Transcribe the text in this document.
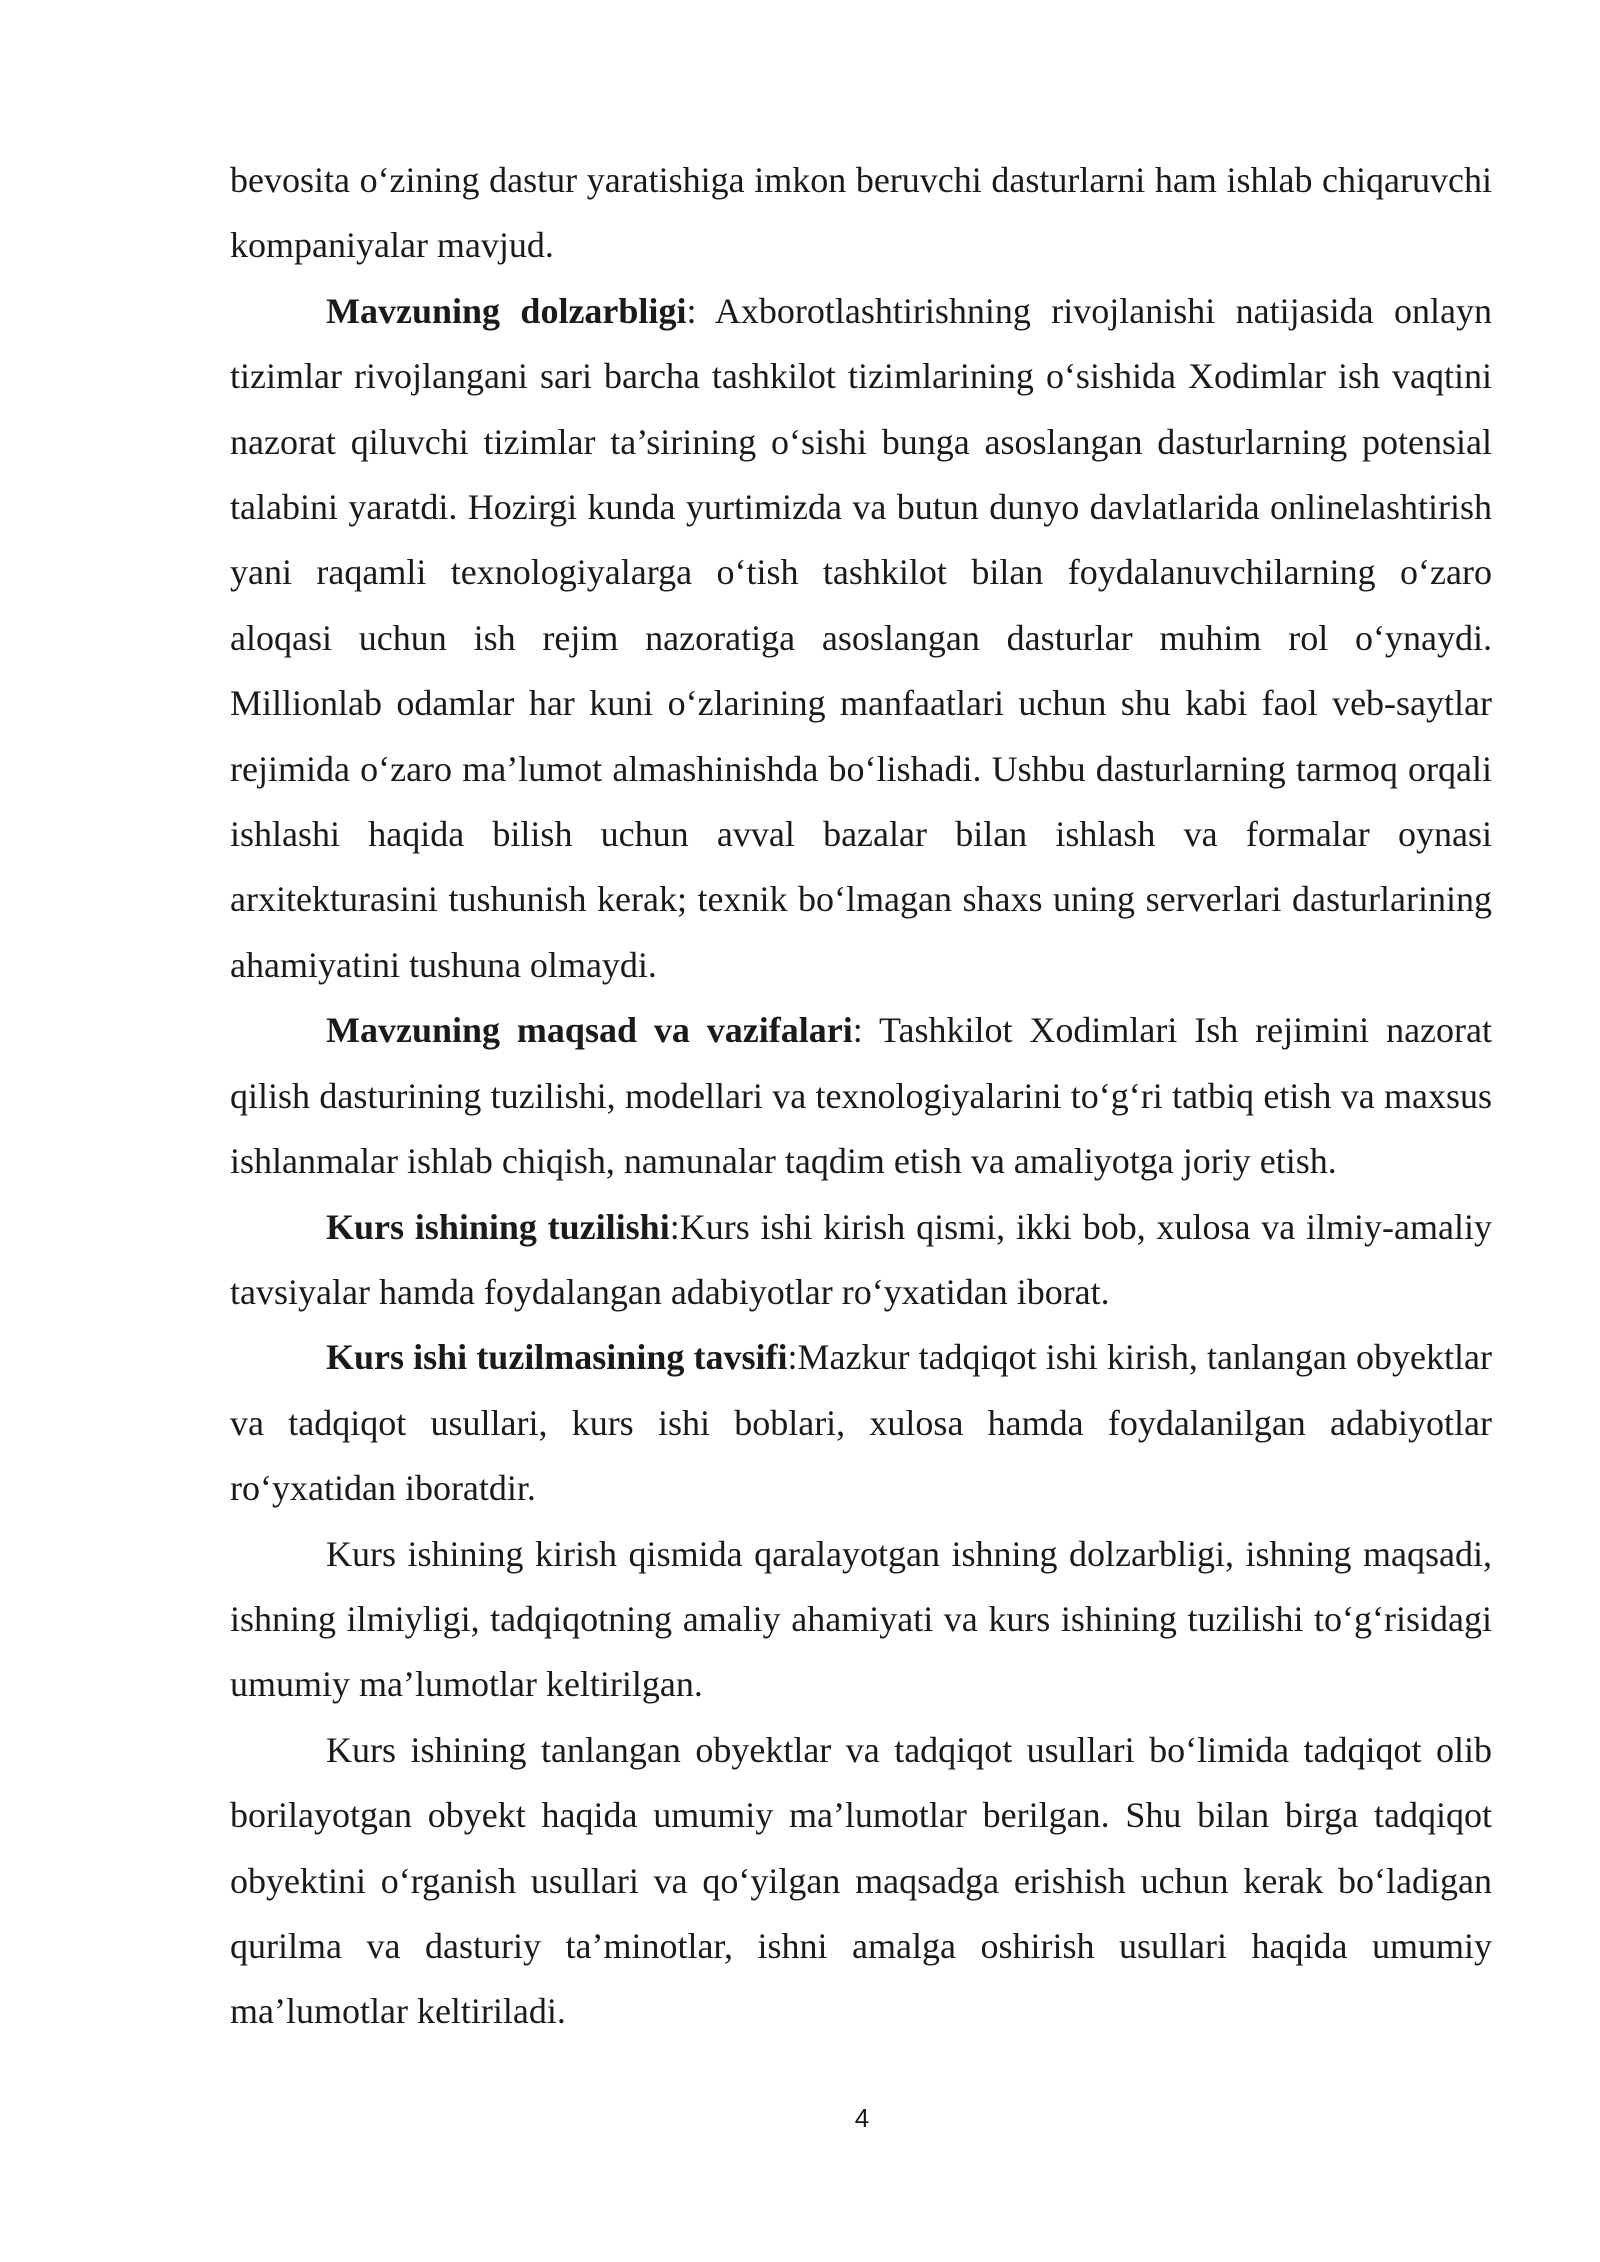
bevosita o‘zining dastur yaratishiga imkon beruvchi dasturlarni ham ishlab chiqaruvchi kompaniyalar mavjud.

Mavzuning dolzarbligi: Axborotlashtirishning rivojlanishi natijasida onlayn tizimlar rivojlangani sari barcha tashkilot tizimlarining o‘sishida Xodimlar ish vaqtini nazorat qiluvchi tizimlar ta’sirining o‘sishi bunga asoslangan dasturlarning potensial talabini yaratdi. Hozirgi kunda yurtimizda va butun dunyo davlatlarida onlinelashtirish yani raqamli texnologiyalarga o‘tish tashkilot bilan foydalanuvchilarning o‘zaro aloqasi uchun ish rejim nazoratiga asoslangan dasturlar muhim rol o‘ynaydi. Millionlab odamlar har kuni o‘zlarining manfaatlari uchun shu kabi faol veb-saytlar rejimida o‘zaro ma’lumot almashinishda bo‘lishadi. Ushbu dasturlarning tarmoq orqali ishlashi haqida bilish uchun avval bazalar bilan ishlash va formalar oynasi arxitekturasini tushunish kerak; texnik bo‘lmagan shaxs uning serverlari dasturlarining ahamiyatini tushuna olmaydi.

Mavzuning maqsad va vazifalari: Tashkilot Xodimlari Ish rejimini nazorat qilish dasturining tuzilishi, modellari va texnologiyalarini to‘g‘ri tatbiq etish va maxsus ishlanmalar ishlab chiqish, namunalar taqdim etish va amaliyotga joriy etish.

Kurs ishining tuzilishi:Kurs ishi kirish qismi, ikki bob, xulosa va ilmiy-amaliy tavsiyalar hamda foydalangan adabiyotlar ro‘yxatidan iborat.

Kurs ishi tuzilmasining tavsifi:Mazkur tadqiqot ishi kirish, tanlangan obyektlar va tadqiqot usullari, kurs ishi boblari, xulosa hamda foydalanilgan adabiyotlar ro‘yxatidan iboratdir.

Kurs ishining kirish qismida qaralayotgan ishning dolzarbligi, ishning maqsadi, ishning ilmiyligi, tadqiqotning amaliy ahamiyati va kurs ishining tuzilishi to‘g‘risidagi umumiy ma’lumotlar keltirilgan.

Kurs ishining tanlangan obyektlar va tadqiqot usullari bo‘limida tadqiqot olib borilayotgan obyekt haqida umumiy ma’lumotlar berilgan. Shu bilan birga tadqiqot obyektini o‘rganish usullari va qo‘yilgan maqsadga erishish uchun kerak bo‘ladigan qurilma va dasturiy ta’minotlar, ishni amalga oshirish usullari haqida umumiy ma’lumotlar keltiriladi.

4
